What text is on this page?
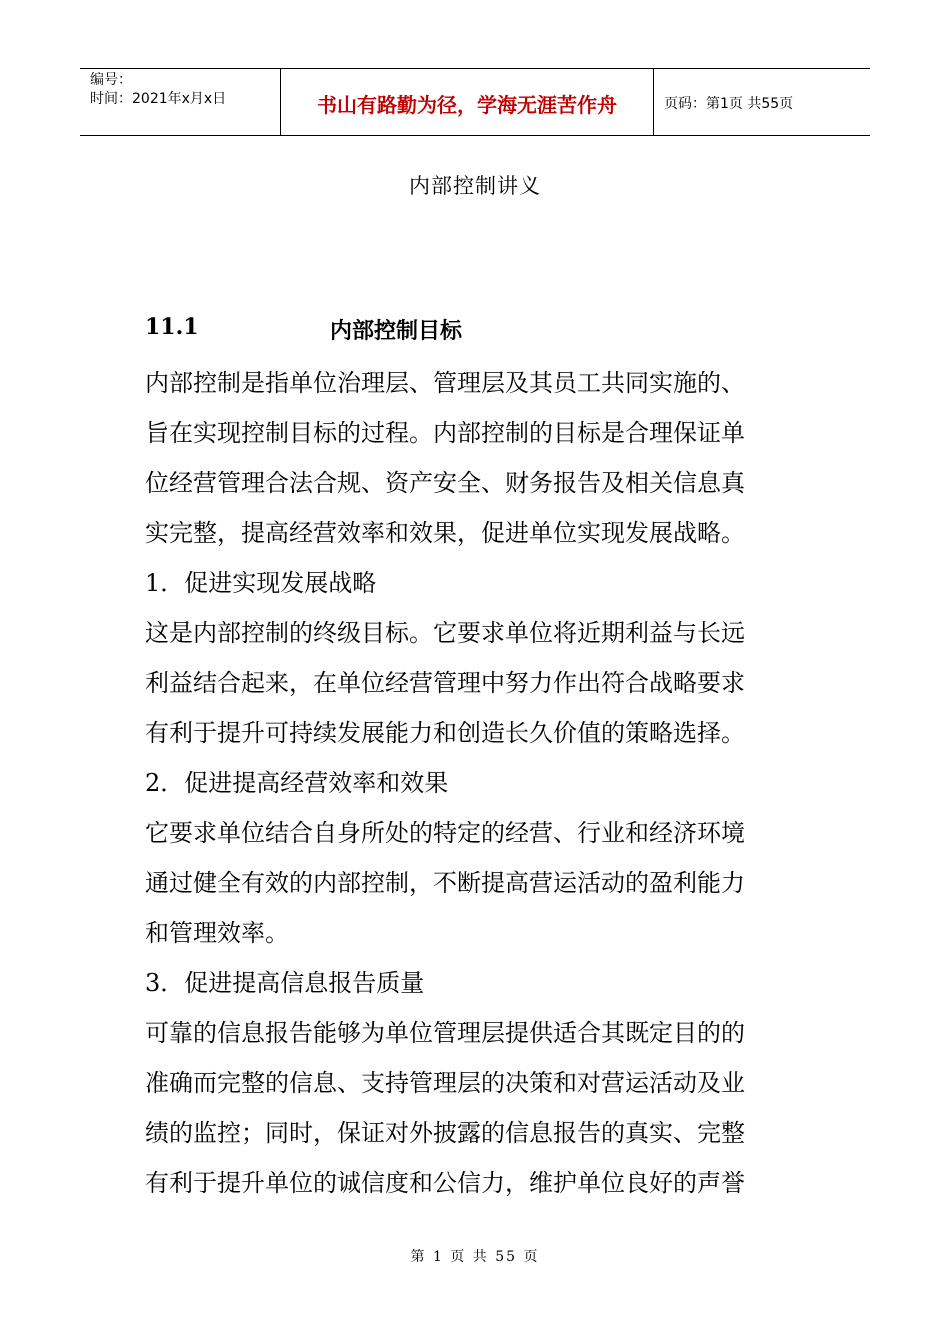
编号：
时间：2021年x月x日	书山有路勤为径，学海无涯苦作舟	页码：第1页 共55页
内部控制讲义
11.1	内部控制目标
内部控制是指单位治理层、管理层及其员工共同实施的、
旨在实现控制目标的过程。内部控制的目标是合理保证单
位经营管理合法合规、资产安全、财务报告及相关信息真
实完整，提高经营效率和效果，促进单位实现发展战略。
1．促进实现发展战略
这是内部控制的终级目标。它要求单位将近期利益与长远
利益结合起来，在单位经营管理中努力作出符合战略要求
有利于提升可持续发展能力和创造长久价值的策略选择。
2．促进提高经营效率和效果
它要求单位结合自身所处的特定的经营、行业和经济环境
通过健全有效的内部控制，不断提高营运活动的盈利能力
和管理效率。
3．促进提高信息报告质量
可靠的信息报告能够为单位管理层提供适合其既定目的的
准确而完整的信息、支持管理层的决策和对营运活动及业
绩的监控；同时，保证对外披露的信息报告的真实、完整
有利于提升单位的诚信度和公信力，维护单位良好的声誉
第 1 页 共 55 页
